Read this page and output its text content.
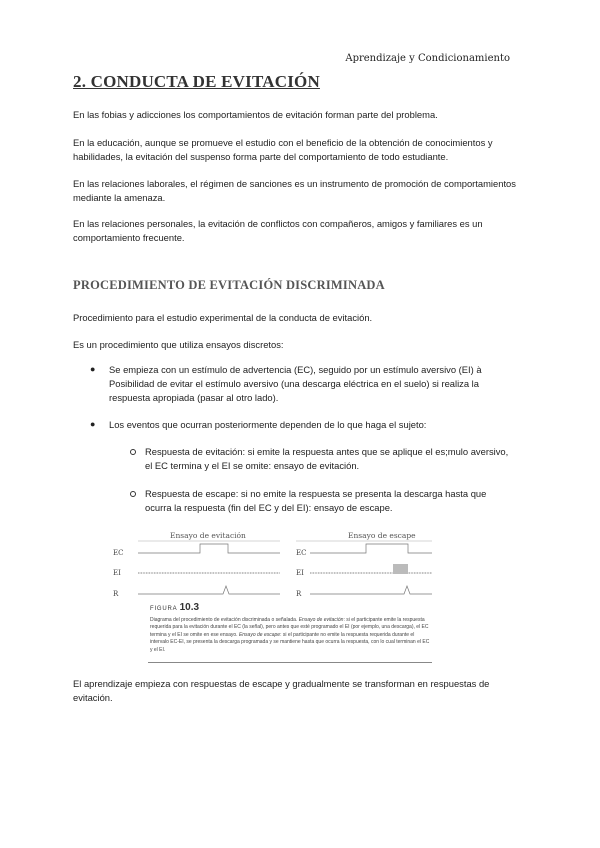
Aprendizaje y Condicionamiento
2. CONDUCTA DE EVITACIÓN

En las fobias y adicciones los comportamientos de evitación forman parte del problema.

En la educación, aunque se promueve el estudio con el beneficio de la obtención de conocimientos y habilidades, la evitación del suspenso forma parte del comportamiento de todo estudiante.

En las relaciones laborales, el régimen de sanciones es un instrumento de promoción de comportamientos mediante la amenaza.

En las relaciones personales, la evitación de conflictos con compañeros, amigos y familiares es un comportamiento frecuente.

PROCEDIMIENTO DE EVITACIÓN DISCRIMINADA

Procedimiento para el estudio experimental de la conducta de evitación.

Es un procedimiento que utiliza ensayos discretos:

● Se empieza con un estímulo de advertencia (EC), seguido por un estímulo aversivo (EI) à Posibilidad de evitar el estímulo aversivo (una descarga eléctrica en el suelo) si realiza la respuesta apropiada (pasar al otro lado).
● Los eventos que ocurran posteriormente dependen de lo que haga el sujeto:
Respuesta de evitación: si emite la respuesta antes que se aplique el es;mulo aversivo, el EC termina y el EI se omite: ensayo de evitación.
Respuesta de escape: si no emite la respuesta se presenta la descarga hasta que ocurra la respuesta (fin del EC y del EI): ensayo de escape.
Ensayo de evitación	Ensayo de escape
EC
EI
R
EC
EI
R
FIGURA 10.3
Diagrama del procedimiento de evitación discriminada o señalada. Ensayo de evitación: si el participante emite la respuesta requerida para la evitación durante el EC (la señal), pero antes que esté programado el EI (por ejemplo, una descarga), el EC termina y el EI se omite en ese ensayo. Ensayo de escape: si el participante no emite la respuesta requerida durante el intervalo EC-EI, se presenta la descarga programada y se mantiene hasta que ocurra la respuesta, con lo cual terminan el EC y el EI.

El aprendizaje empieza con respuestas de escape y gradualmente se transforman en respuestas de evitación.
